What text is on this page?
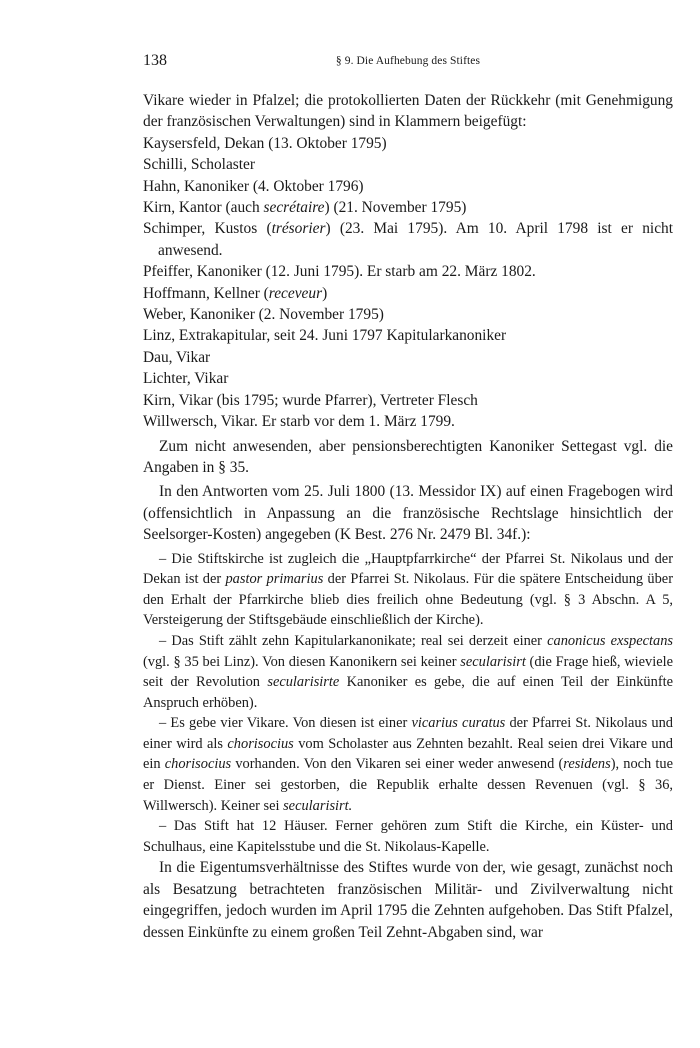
138	§ 9. Die Aufhebung des Stiftes

Vikare wieder in Pfalzel; die protokollierten Daten der Rückkehr (mit Genehmigung der französischen Verwaltungen) sind in Klammern beigefügt:

Kaysersfeld, Dekan (13. Oktober 1795)
Schilli, Scholaster
Hahn, Kanoniker (4. Oktober 1796)
Kirn, Kantor (auch secrétaire) (21. November 1795)
Schimper, Kustos (trésorier) (23. Mai 1795). Am 10. April 1798 ist er nicht anwesend.
Pfeiffer, Kanoniker (12. Juni 1795). Er starb am 22. März 1802.
Hoffmann, Kellner (receveur)
Weber, Kanoniker (2. November 1795)
Linz, Extrakapitular, seit 24. Juni 1797 Kapitularkanoniker
Dau, Vikar
Lichter, Vikar
Kirn, Vikar (bis 1795; wurde Pfarrer), Vertreter Flesch
Willwersch, Vikar. Er starb vor dem 1. März 1799.

Zum nicht anwesenden, aber pensionsberechtigten Kanoniker Settegast vgl. die Angaben in § 35.

In den Antworten vom 25. Juli 1800 (13. Messidor IX) auf einen Fragebogen wird (offensichtlich in Anpassung an die französische Rechtslage hinsichtlich der Seelsorger-Kosten) angegeben (K Best. 276 Nr. 2479 Bl. 34f.):

– Die Stiftskirche ist zugleich die „Hauptpfarrkirche“ der Pfarrei St. Nikolaus und der Dekan ist der pastor primarius der Pfarrei St. Nikolaus. Für die spätere Entscheidung über den Erhalt der Pfarrkirche blieb dies freilich ohne Bedeutung (vgl. § 3 Abschn. A 5, Versteigerung der Stiftsgebäude einschließlich der Kirche).

– Das Stift zählt zehn Kapitularkanonikate; real sei derzeit einer canonicus exspectans (vgl. § 35 bei Linz). Von diesen Kanonikern sei keiner secularisirt (die Frage hieß, wieviele seit der Revolution secularisirte Kanoniker es gebe, die auf einen Teil der Einkünfte Anspruch erhöben).

– Es gebe vier Vikare. Von diesen ist einer vicarius curatus der Pfarrei St. Nikolaus und einer wird als chorisocius vom Scholaster aus Zehnten bezahlt. Real seien drei Vikare und ein chorisocius vorhanden. Von den Vikaren sei einer weder anwesend (residens), noch tue er Dienst. Einer sei gestorben, die Republik erhalte dessen Revenuen (vgl. § 36, Willwersch). Keiner sei secularisirt.

– Das Stift hat 12 Häuser. Ferner gehören zum Stift die Kirche, ein Küster- und Schulhaus, eine Kapitelsstube und die St. Nikolaus-Kapelle.

In die Eigentumsverhältnisse des Stiftes wurde von der, wie gesagt, zunächst noch als Besatzung betrachteten französischen Militär- und Zivilverwaltung nicht eingegriffen, jedoch wurden im April 1795 die Zehnten aufgehoben. Das Stift Pfalzel, dessen Einkünfte zu einem großen Teil Zehnt-Abgaben sind, war
